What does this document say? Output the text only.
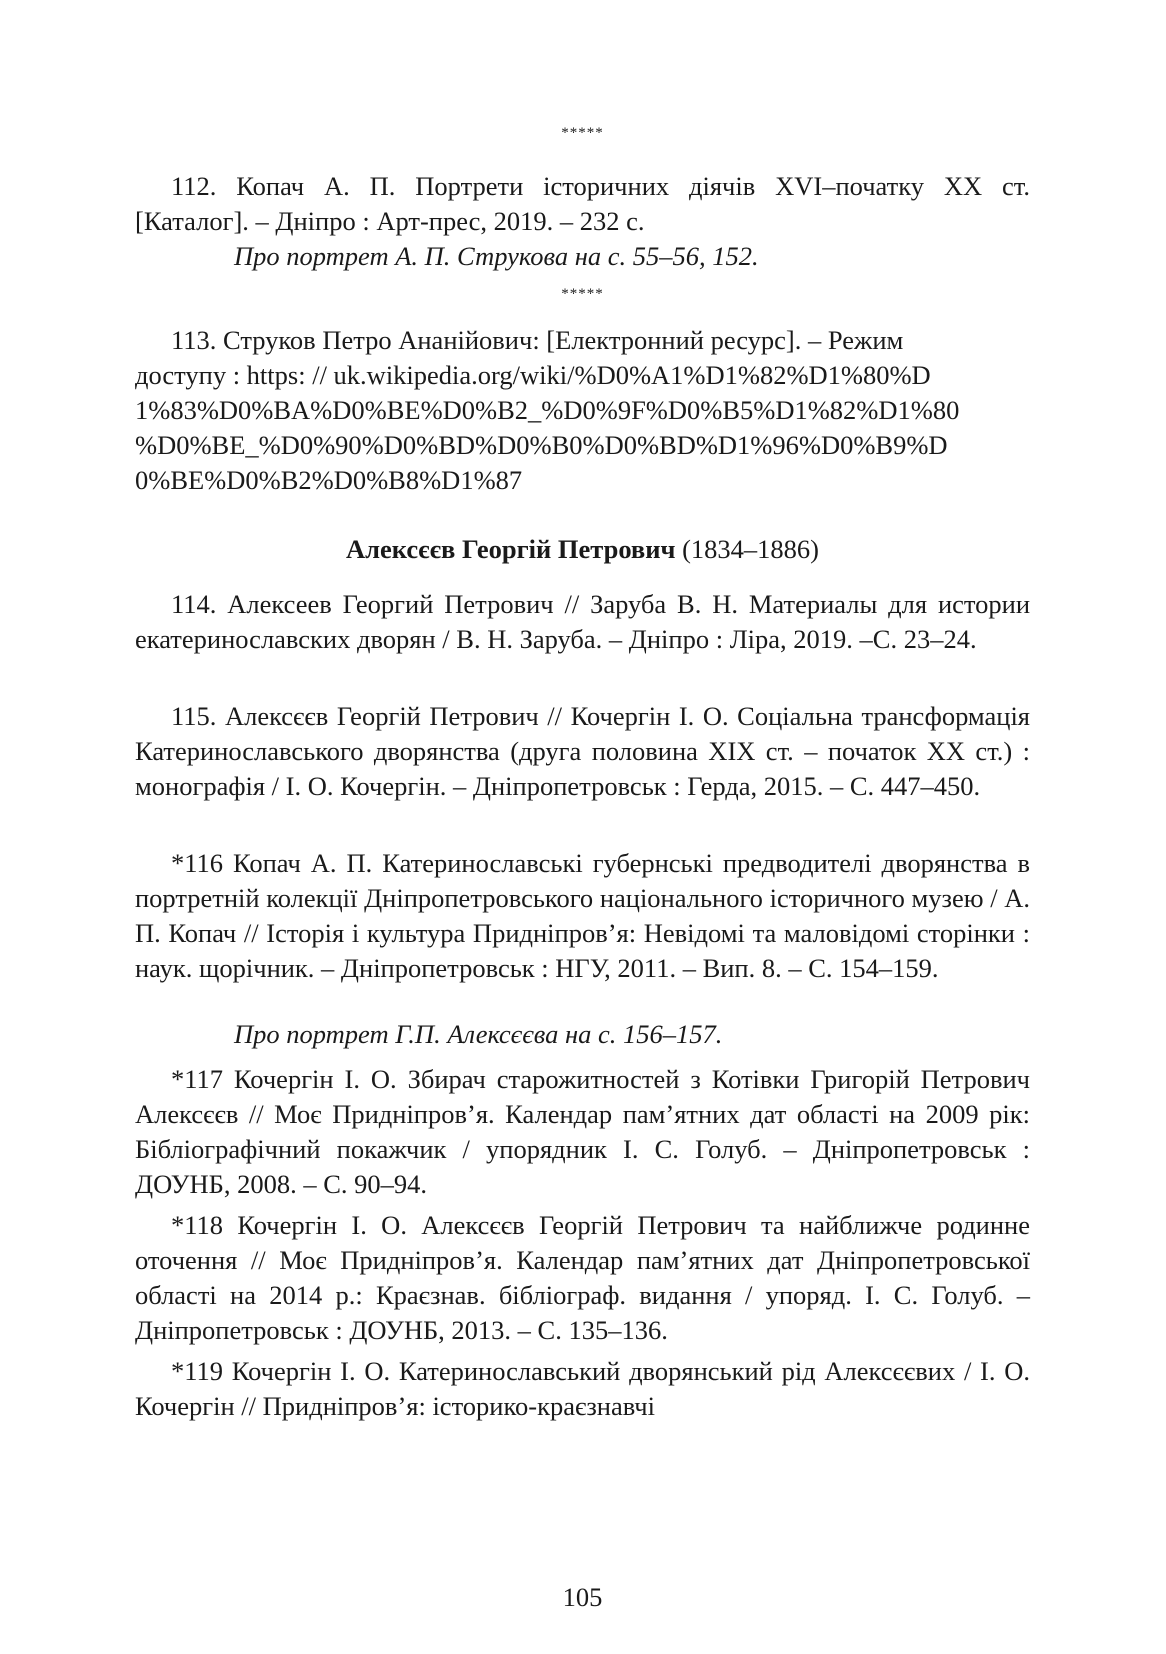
*****

112. Копач А. П. Портрети історичних діячів XVI–початку XX ст. [Каталог]. – Дніпро : Арт-прес, 2019. – 232 с.

Про портрет А. П. Струкова на с. 55–56, 152.

*****
113. Струков Петро Ананійович: [Електронний ресурс]. – Режим
доступу : https: // uk.wikipedia.org/wiki/%D0%A1%D1%82%D1%80%D
1%83%D0%BA%D0%BE%D0%B2_%D0%9F%D0%B5%D1%82%D1%80
%D0%BE_%D0%90%D0%BD%D0%B0%D0%BD%D1%96%D0%B9%D
0%BE%D0%B2%D0%B8%D1%87
Алексєєв Георгій Петрович (1834–1886)

114. Алексеев Георгий Петрович // Заруба В. Н. Материалы для истории екатеринославских дворян / В. Н. Заруба. – Дніпро : Ліра, 2019. –С. 23–24.

115. Алексєєв Георгій Петрович // Кочергін І. О. Соціальна трансформація Катеринославського дворянства (друга половина XIX ст. – початок XX ст.) : монографія / І. О. Кочергін. – Дніпропетровськ : Герда, 2015. – С. 447–450.

*116 Копач А. П. Катеринославські губернські предводителі дворянства в портретній колекції Дніпропетровського національного історичного музею / А. П. Копач // Історія і культура Придніпров’я: Невідомі та маловідомі сторінки : наук. щорічник. – Дніпропетровськ : НГУ, 2011. – Вип. 8. – С. 154–159.

Про портрет Г.П. Алексєєва на с. 156–157.

*117 Кочергін І. О. Збирач старожитностей з Котівки Григорій Петрович Алексєєв // Моє Придніпров’я. Календар пам’ятних дат області на 2009 рік: Бібліографічний покажчик / упорядник І. С. Голуб. – Дніпропетровськ : ДОУНБ, 2008. – С. 90–94.

*118 Кочергін І. О. Алексєєв Георгій Петрович та найближче родинне оточення // Моє Придніпров’я. Календар пам’ятних дат Дніпропетровської області на 2014 р.: Краєзнав. бібліограф. видання / упоряд. І. С. Голуб. – Дніпропетровськ : ДОУНБ, 2013. – С. 135–136.

*119 Кочергін І. О. Катеринославський дворянський рід Алексєєвих / І. О. Кочергін // Придніпров’я: історико-краєзнавчі

105
